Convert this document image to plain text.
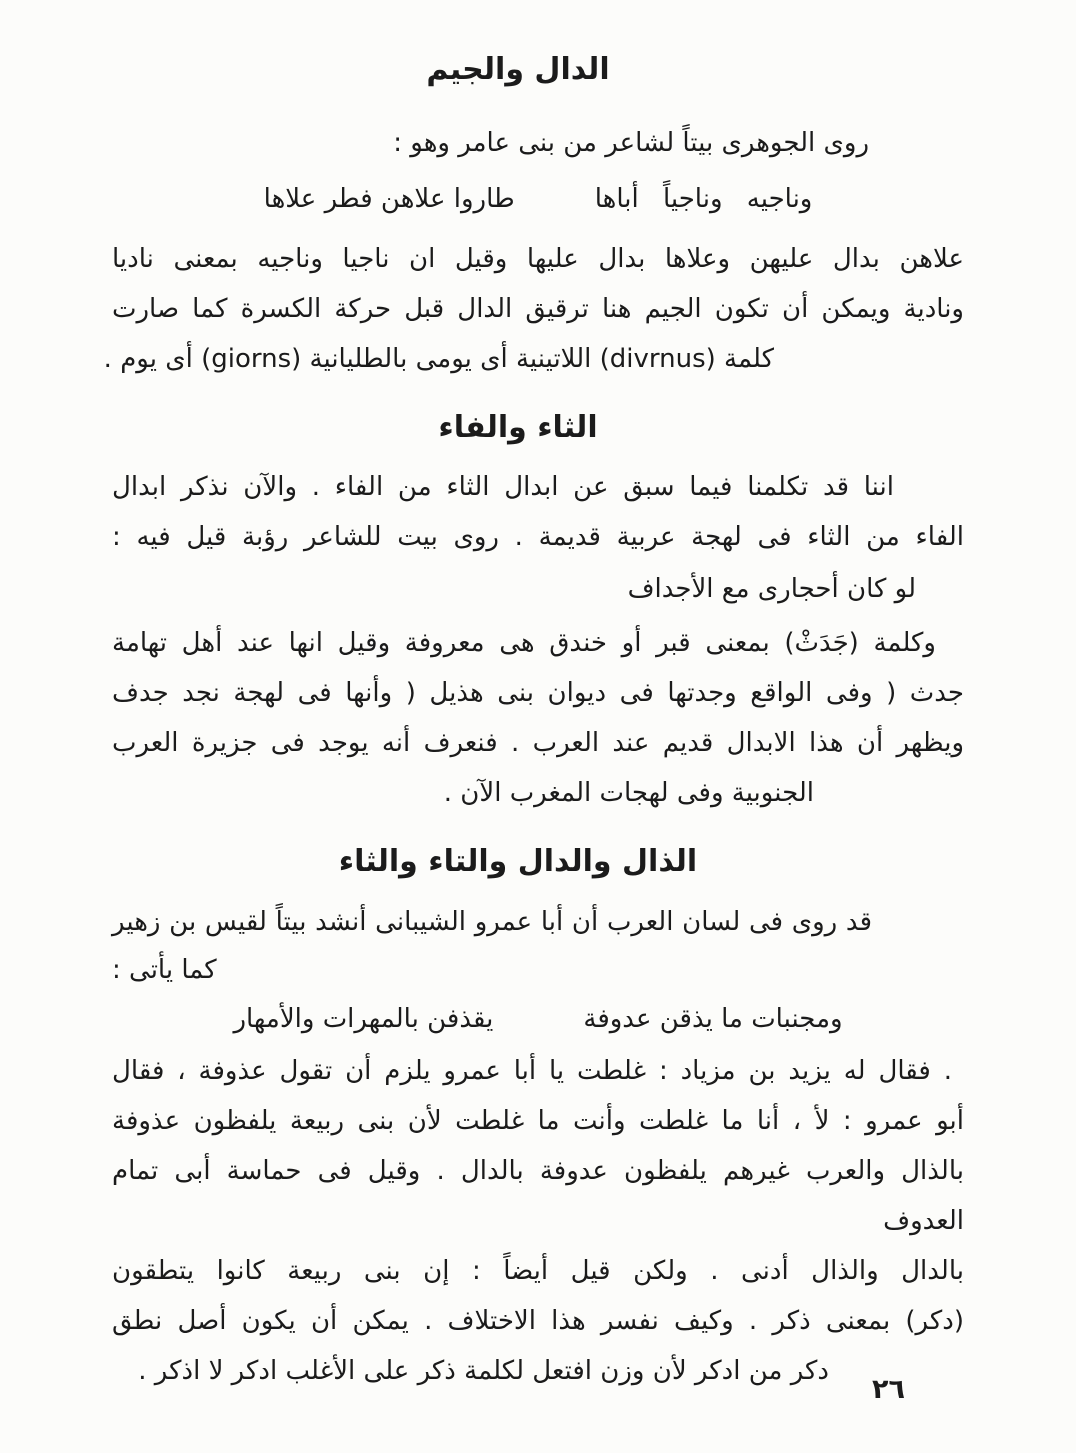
الدال والجيم
روى الجوهرى بيتاً لشاعر من بنى عامر وهو :
وناجيه وناجياً أباها
طاروا علاهن فطر علاها
علاهن بدال عليهن وعلاها بدال عليها وقيل ان ناجيا وناجيه بمعنى ناديا
ونادية ويمكن أن تكون الجيم هنا ترقيق الدال قبل حركة الكسرة كما صارت
كلمة (divrnus) اللاتينية أى يومى بالطليانية (giorns) أى يوم .
الثاء والفاء
اننا قد تكلمنا فيما سبق عن ابدال الثاء من الفاء . والآن نذكر ابدال
الفاء من الثاء فى لهجة عربية قديمة . روى بيت للشاعر رؤبة قيل فيه :
لو كان أحجارى مع الأجداف
وكلمة (جَدَثْ) بمعنى قبر أو خندق هى معروفة وقيل انها عند أهل تهامة
جدث ( وفى الواقع وجدتها فى ديوان بنى هذيل ( وأنها فى لهجة نجد جدف
ويظهر أن هذا الابدال قديم عند العرب . فنعرف أنه يوجد فى جزيرة العرب
الجنوبية وفى لهجات المغرب الآن .
الذال والدال والتاء والثاء
قد روى فى لسان العرب أن أبا عمرو الشيبانى أنشد بيتاً لقيس بن زهير
كما يأتى :
ومجنبات ما يذقن عدوفة
يقذفن بالمهرات والأمهار
. فقال له يزيد بن مزياد : غلطت يا أبا عمرو يلزم أن تقول عذوفة ، فقال
أبو عمرو : لأ ، أنا ما غلطت وأنت ما غلطت لأن بنى ربيعة يلفظون عذوفة
بالذال والعرب غيرهم يلفظون عدوفة بالدال . وقيل فى حماسة أبى تمام العدوف
بالدال والذال أدنى . ولكن قيل أيضاً : إن بنى ربيعة كانوا يتطقون
(دكر) بمعنى ذكر . وكيف نفسر هذا الاختلاف . يمكن أن يكون أصل نطق
دكر من ادكر لأن وزن افتعل لكلمة ذكر على الأغلب ادكر لا اذكر .
٢٦
